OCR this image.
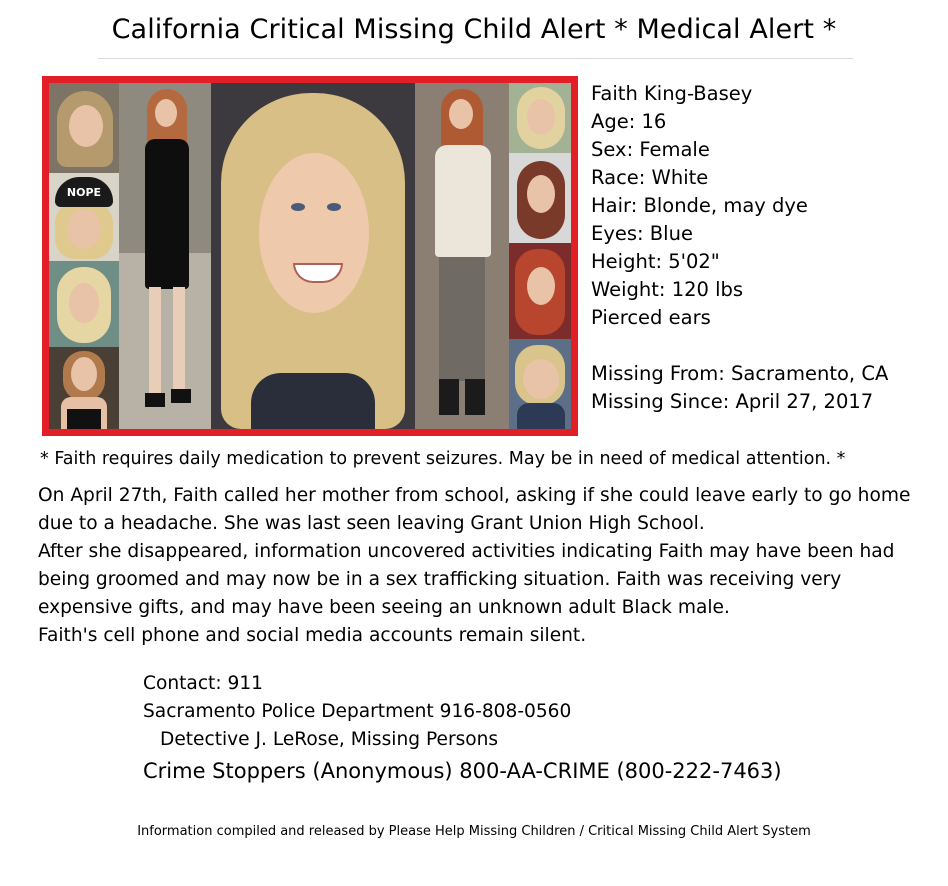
California Critical Missing Child Alert * Medical Alert *
NOPE
Faith King-Basey
Age: 16
Sex: Female
Race: White
Hair: Blonde, may dye
Eyes: Blue
Height: 5'02"
Weight: 120 lbs
Pierced ears
Missing From: Sacramento, CA
Missing Since: April 27, 2017
* Faith requires daily medication to prevent seizures. May be in need of medical attention. *

On April 27th, Faith called her mother from school, asking if she could leave early to go home due to a headache. She was last seen leaving Grant Union High School.

After she disappeared, information uncovered activities indicating Faith may have been had being groomed and may now be in a sex trafficking situation. Faith was receiving very expensive gifts, and may have been seeing an unknown adult Black male.

Faith's cell phone and social media accounts remain silent.

Contact: 911
Sacramento Police Department 916-808-0560
Detective J. LeRose, Missing Persons
Crime Stoppers (Anonymous) 800-AA-CRIME (800-222-7463)
Information compiled and released by Please Help Missing Children / Critical Missing Child Alert System
